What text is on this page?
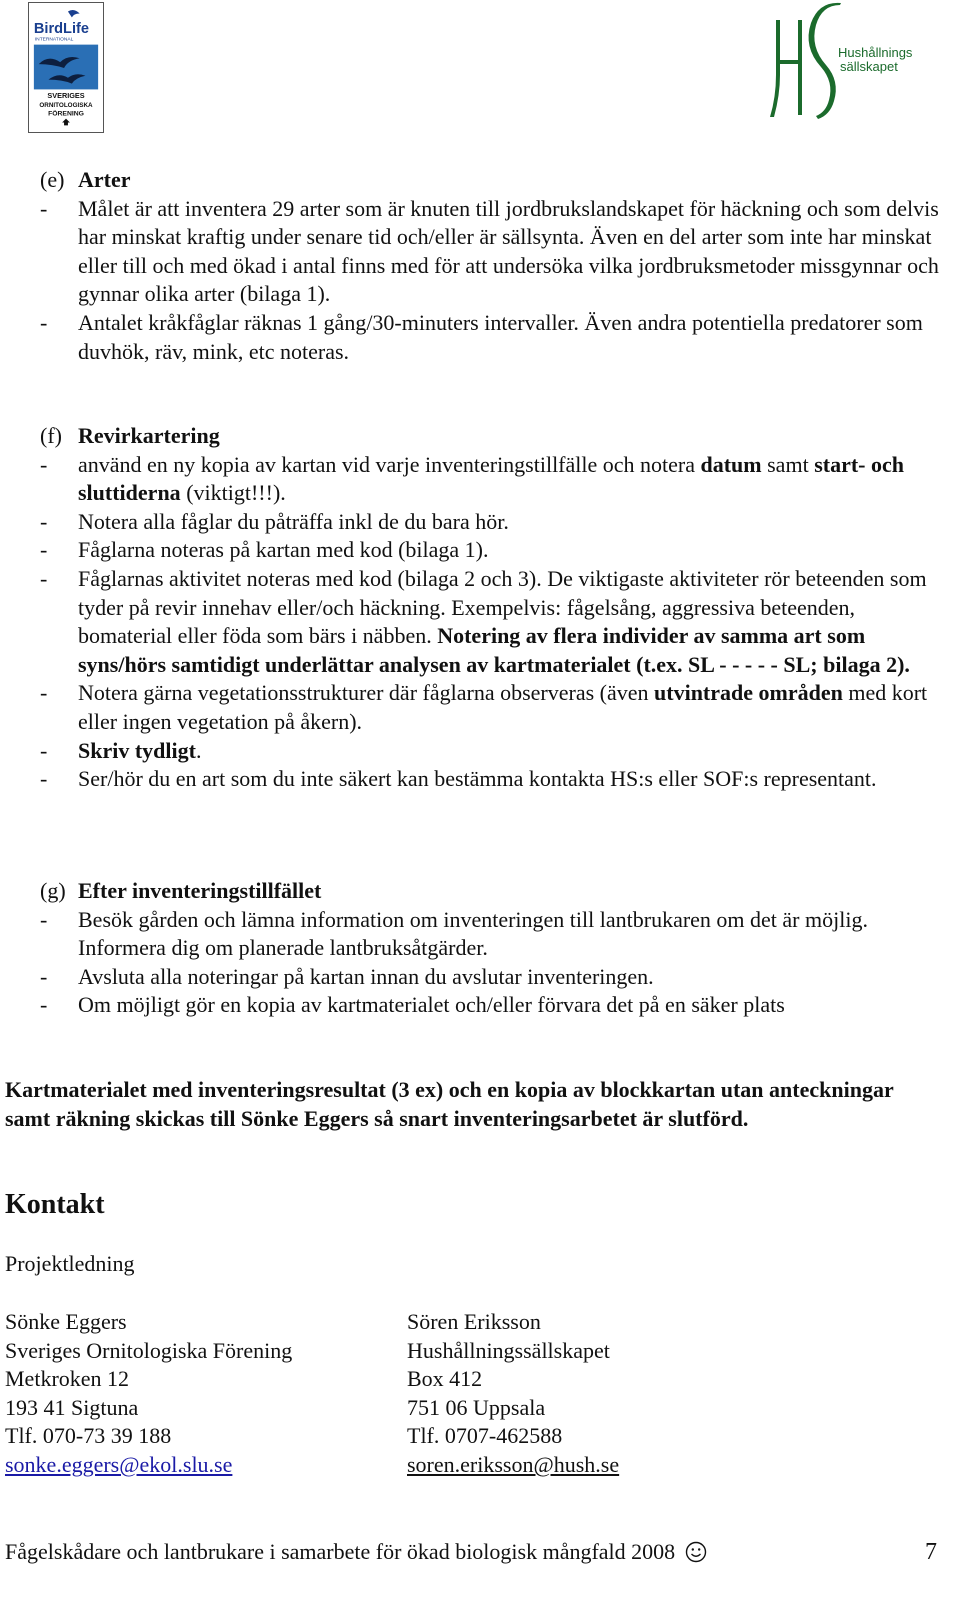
BirdLife
INTERNATIONAL
SVERIGES
ORNITOLOGISKA
FÖRENING
Hushållnings
sällskapet
(e) Arter
-	Målet är att inventera 29 arter som är knuten till jordbrukslandskapet för häckning och som delvis har minskat kraftig under senare tid och/eller är sällsynta. Även en del arter som inte har minskat eller till och med ökad i antal finns med för att undersöka vilka jordbruksmetoder missgynnar och gynnar olika arter (bilaga 1).
-	Antalet kråkfåglar räknas 1 gång/30-minuters intervaller. Även andra potentiella predatorer som duvhök, räv, mink, etc noteras.
(f) Revirkartering
-	använd en ny kopia av kartan vid varje inventeringstillfälle och notera datum samt start- och sluttiderna (viktigt!!!).
-	Notera alla fåglar du påträffa inkl de du bara hör.
-	Fåglarna noteras på kartan med kod (bilaga 1).
-	Fåglarnas aktivitet noteras med kod (bilaga 2 och 3). De viktigaste aktiviteter rör beteenden som tyder på revir innehav eller/och häckning. Exempelvis: fågelsång, aggressiva beteenden, bomaterial eller föda som bärs i näbben. Notering av flera individer av samma art som syns/hörs samtidigt underlättar analysen av kartmaterialet (t.ex. SL - - - - - SL; bilaga 2).
-	Notera gärna vegetationsstrukturer där fåglarna observeras (även utvintrade områden med kort eller ingen vegetation på åkern).
-	Skriv tydligt.
-	Ser/hör du en art som du inte säkert kan bestämma kontakta HS:s eller SOF:s representant.
(g) Efter inventeringstillfället
-	Besök gården och lämna information om inventeringen till lantbrukaren om det är möjlig. Informera dig om planerade lantbruksåtgärder.
-	Avsluta alla noteringar på kartan innan du avslutar inventeringen.
-	Om möjligt gör en kopia av kartmaterialet och/eller förvara det på en säker plats
Kartmaterialet med inventeringsresultat (3 ex) och en kopia av blockkartan utan anteckningar samt räkning skickas till Sönke Eggers så snart inventeringsarbetet är slutförd.
Kontakt
Projektledning
Sönke Eggers
Sveriges Ornitologiska Förening
Metkroken 12
193 41 Sigtuna
Tlf. 070-73 39 188
sonke.eggers@ekol.slu.se
Sören Eriksson
Hushållningssällskapet
Box 412
751 06 Uppsala
Tlf. 0707-462588
soren.eriksson@hush.se
Fågelskådare och lantbrukare i samarbete för ökad biologisk mångfald 2008	7
